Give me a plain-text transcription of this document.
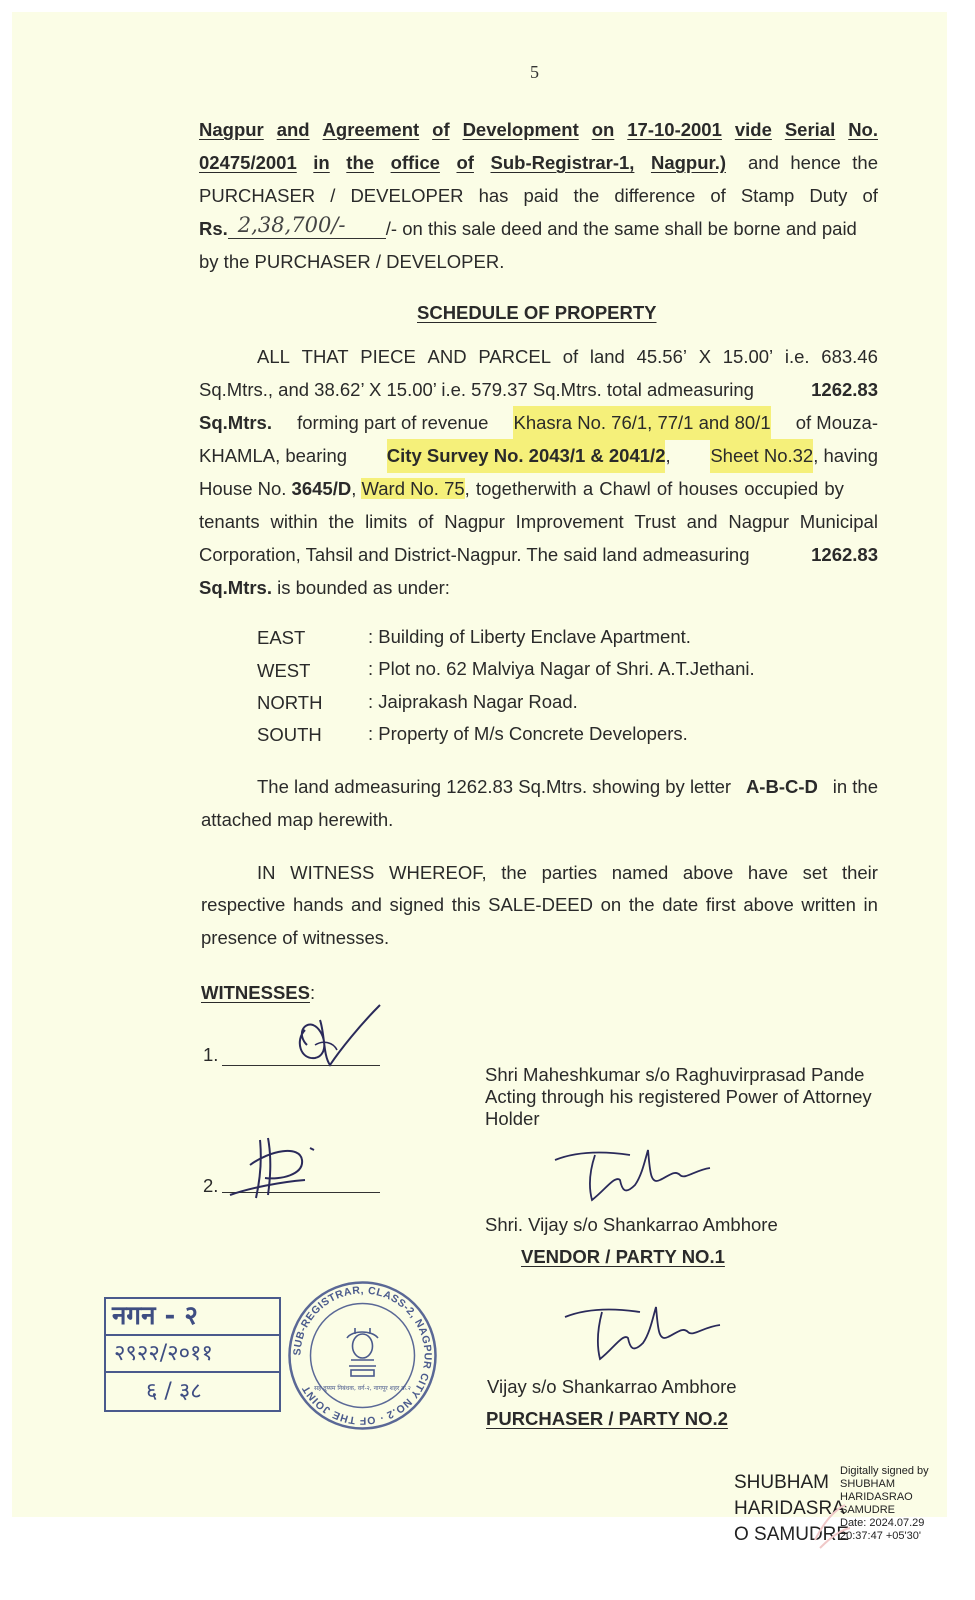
5
Nagpur and Agreement of Development on 17-10-2001 vide Serial No.
02475/2001 in the office of Sub-Registrar-1, Nagpur.) and hence the
PURCHASER / DEVELOPER has paid the difference of Stamp Duty of
Rs. 2,38,700/- /- on this sale deed and the same shall be borne and paid
by the PURCHASER / DEVELOPER.
SCHEDULE OF PROPERTY
ALL THAT PIECE AND PARCEL of land 45.56’ X 15.00’ i.e. 683.46
Sq.Mtrs., and 38.62’ X 15.00’ i.e. 579.37 Sq.Mtrs. total admeasuring	1262.83
Sq.Mtrs. forming part of revenue Khasra No. 76/1, 77/1 and 80/1 of Mouza-
KHAMLA, bearing City Survey No. 2043/1 & 2041/2, Sheet No.32, having
House No. 3645/D, Ward No. 75, togetherwith a Chawl of houses occupied by
tenants within the limits of Nagpur Improvement Trust and Nagpur Municipal
Corporation, Tahsil and District-Nagpur. The said land admeasuring	1262.83
Sq.Mtrs. is bounded as under:
EAST	: Building of Liberty Enclave Apartment.
WEST	: Plot no. 62 Malviya Nagar of Shri. A.T.Jethani.
NORTH	: Jaiprakash Nagar Road.
SOUTH	: Property of M/s Concrete Developers.
The land admeasuring 1262.83 Sq.Mtrs. showing by letter A-B-C-D in the
attached map herewith.
IN WITNESS WHEREOF, the parties named above have set their
respective hands and signed this SALE-DEED on the date first above written in
presence of witnesses.
WITNESSES:
1.
2.
Shri Maheshkumar s/o Raghuvirprasad Pande
Acting through his registered Power of Attorney
Holder
Shri. Vijay s/o Shankarrao Ambhore
VENDOR / PARTY NO.1
Vijay s/o Shankarrao Ambhore
PURCHASER / PARTY NO.2
नगन - २
२९२२/२०११
६ / ३८
SUB-REGISTRAR, CLASS-2, NAGPUR CITY NO.2 · OF THE JOINT सह दुय्यम निबंधक, वर्ग-२, नागपूर शहर क्र.२
SHUBHAM
HARIDASRA
O SAMUDRE
Digitally signed by
SHUBHAM
HARIDASRAO
SAMUDRE
Date: 2024.07.29
20:37:47 +05'30'
